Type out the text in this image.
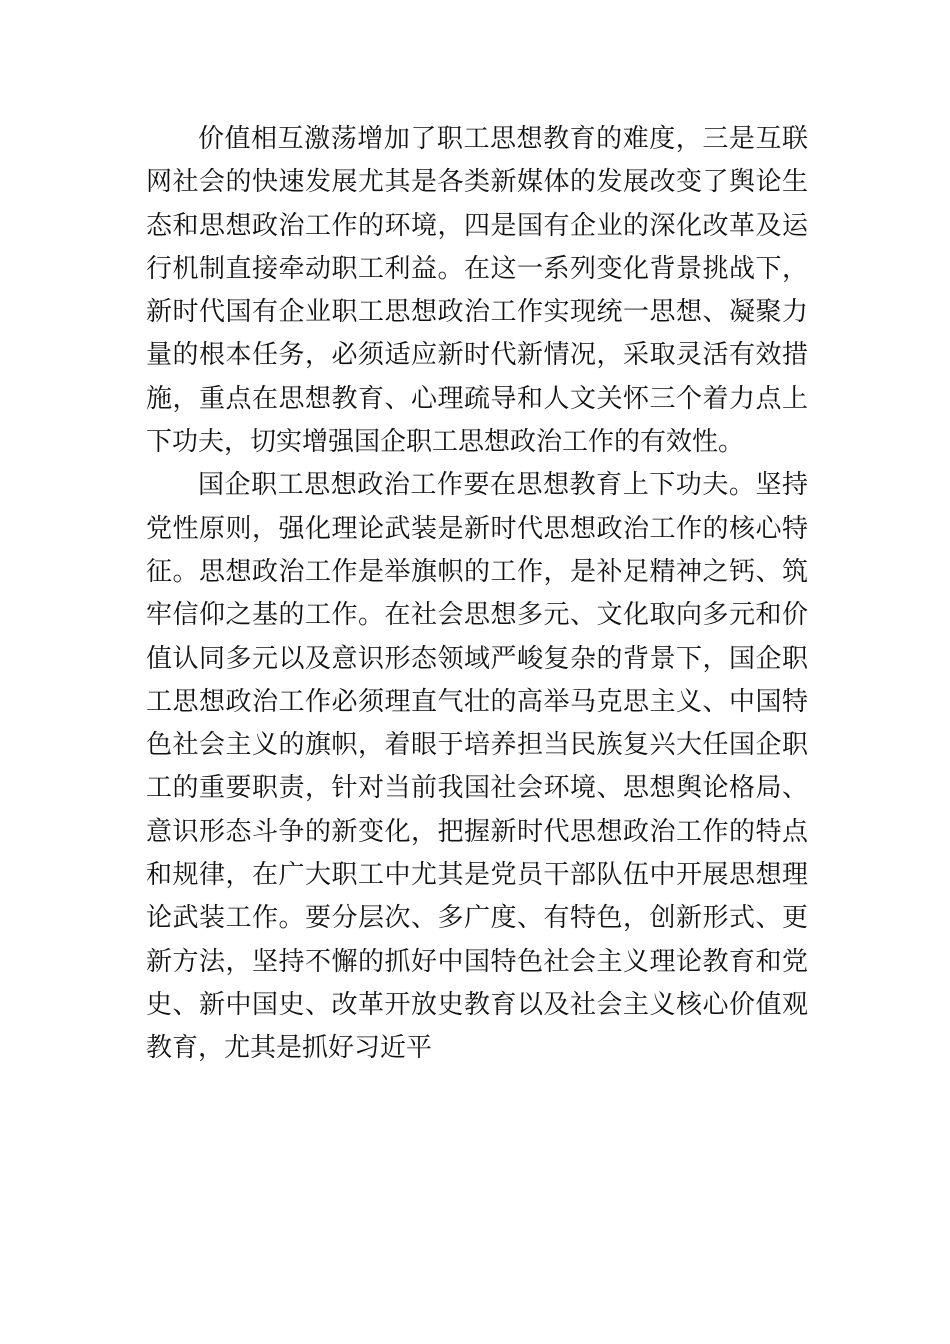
价值相互激荡增加了职工思想教育的难度，三是互联
网社会的快速发展尤其是各类新媒体的发展改变了舆论生
态和思想政治工作的环境，四是国有企业的深化改革及运
行机制直接牵动职工利益。在这一系列变化背景挑战下，
新时代国有企业职工思想政治工作实现统一思想、凝聚力
量的根本任务，必须适应新时代新情况，采取灵活有效措
施，重点在思想教育、心理疏导和人文关怀三个着力点上
下功夫，切实增强国企职工思想政治工作的有效性。
国企职工思想政治工作要在思想教育上下功夫。坚持
党性原则，强化理论武装是新时代思想政治工作的核心特
征。思想政治工作是举旗帜的工作，是补足精神之钙、筑
牢信仰之基的工作。在社会思想多元、文化取向多元和价
值认同多元以及意识形态领域严峻复杂的背景下，国企职
工思想政治工作必须理直气壮的高举马克思主义、中国特
色社会主义的旗帜，着眼于培养担当民族复兴大任国企职
工的重要职责，针对当前我国社会环境、思想舆论格局、
意识形态斗争的新变化，把握新时代思想政治工作的特点
和规律，在广大职工中尤其是党员干部队伍中开展思想理
论武装工作。要分层次、多广度、有特色，创新形式、更
新方法，坚持不懈的抓好中国特色社会主义理论教育和党
史、新中国史、改革开放史教育以及社会主义核心价值观
教育，尤其是抓好习近平
